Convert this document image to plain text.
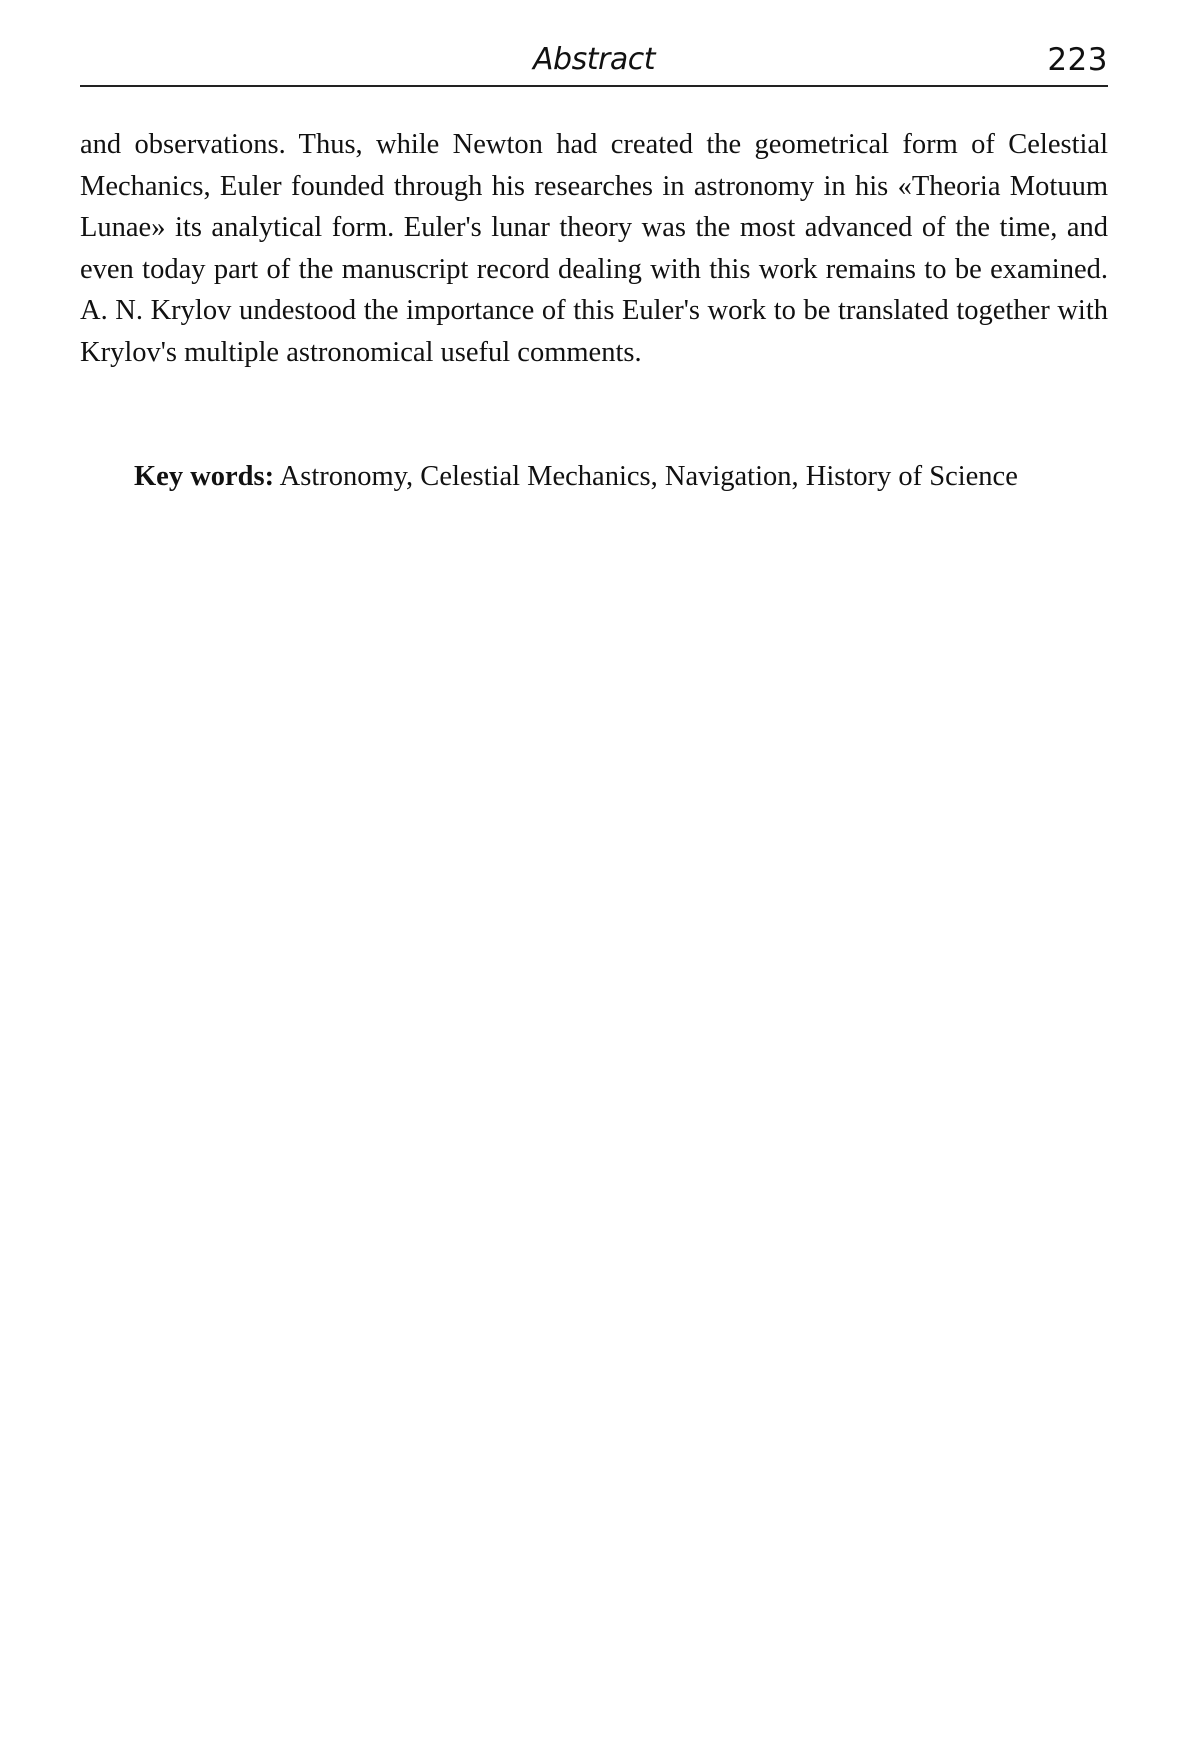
Abstract	223

and observations. Thus, while Newton had created the geometrical form of Celestial Mechanics, Euler founded through his researches in astronomy in his «Theoria Motuum Lunae» its analytical form. Euler's lunar theory was the most advanced of the time, and even today part of the manuscript record dealing with this work remains to be examined. A. N. Krylov undestood the importance of this Euler's work to be translated together with Krylov's multiple astronomical useful comments.

Key words: Astronomy, Celestial Mechanics, Navigation, History of Science
